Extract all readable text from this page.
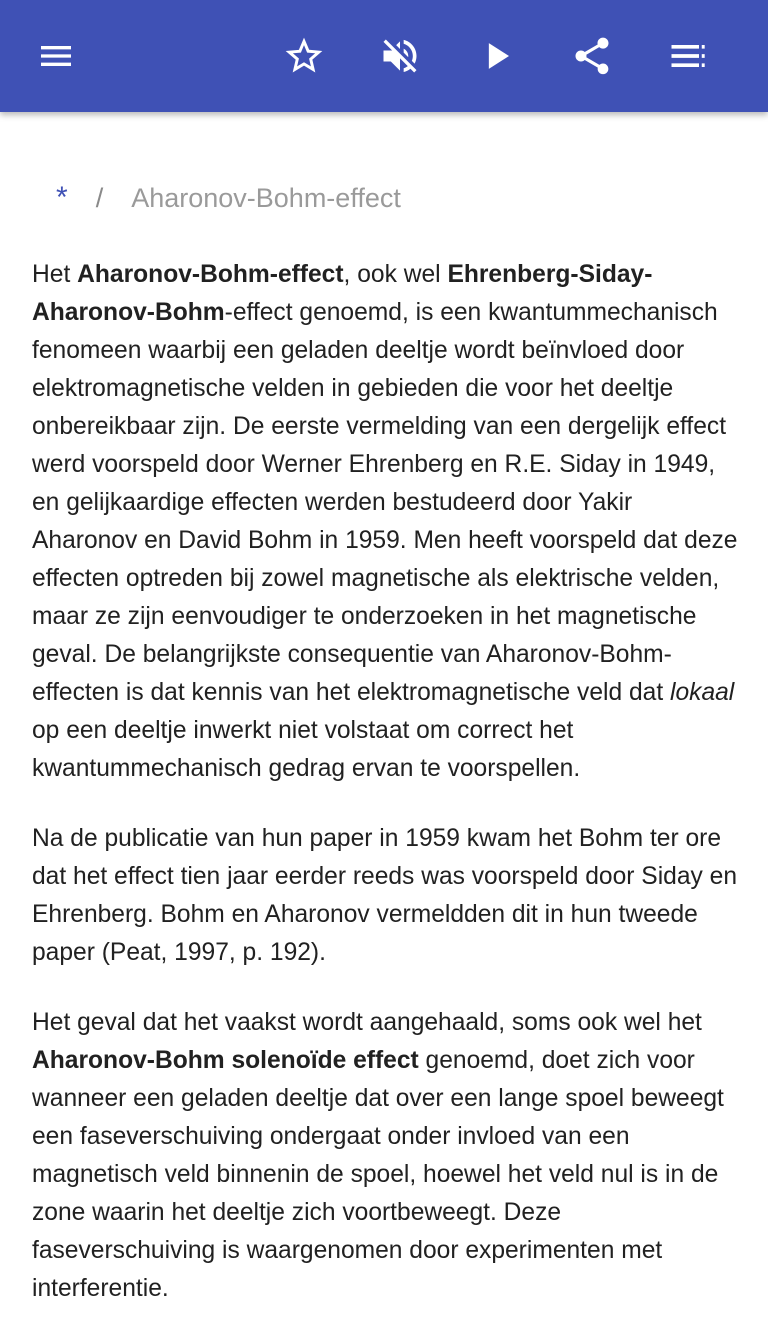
* / Aharonov-Bohm-effect

Het Aharonov-Bohm-effect, ook wel Ehrenberg-Siday-Aharonov-Bohm-effect genoemd, is een kwantummechanisch fenomeen waarbij een geladen deeltje wordt beïnvloed door elektromagnetische velden in gebieden die voor het deeltje onbereikbaar zijn. De eerste vermelding van een dergelijk effect werd voorspeld door Werner Ehrenberg en R.E. Siday in 1949, en gelijkaardige effecten werden bestudeerd door Yakir Aharonov en David Bohm in 1959. Men heeft voorspeld dat deze effecten optreden bij zowel magnetische als elektrische velden, maar ze zijn eenvoudiger te onderzoeken in het magnetische geval. De belangrijkste consequentie van Aharonov-Bohm-effecten is dat kennis van het elektromagnetische veld dat lokaal op een deeltje inwerkt niet volstaat om correct het kwantummechanisch gedrag ervan te voorspellen.

Na de publicatie van hun paper in 1959 kwam het Bohm ter ore dat het effect tien jaar eerder reeds was voorspeld door Siday en Ehrenberg. Bohm en Aharonov vermeldden dit in hun tweede paper (Peat, 1997, p. 192).

Het geval dat het vaakst wordt aangehaald, soms ook wel het Aharonov-Bohm solenoïde effect genoemd, doet zich voor wanneer een geladen deeltje dat over een lange spoel beweegt een faseverschuiving ondergaat onder invloed van een magnetisch veld binnenin de spoel, hoewel het veld nul is in de zone waarin het deeltje zich voortbeweegt. Deze faseverschuiving is waargenomen door experimenten met interferentie.
